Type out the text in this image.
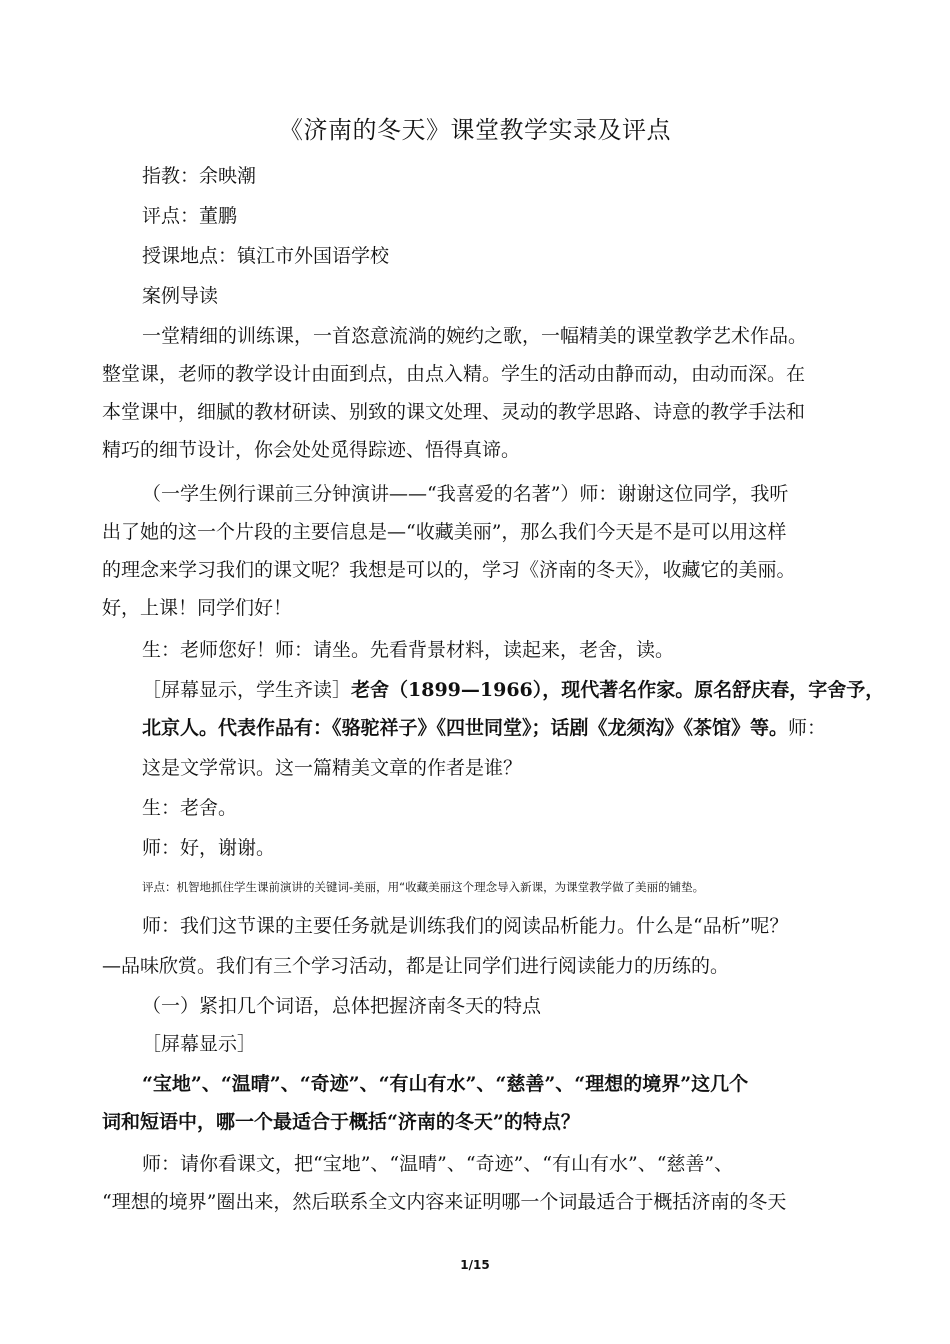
《济南的冬天》课堂教学实录及评点
指教：余映潮
评点：董鹏
授课地点：镇江市外国语学校
案例导读
一堂精细的训练课，一首恣意流淌的婉约之歌，一幅精美的课堂教学艺术作品。
整堂课，老师的教学设计由面到点，由点入精。学生的活动由静而动，由动而深。在
本堂课中，细腻的教材研读、别致的课文处理、灵动的教学思路、诗意的教学手法和
精巧的细节设计，你会处处觅得踪迹、悟得真谛。
（一学生例行课前三分钟演讲——“我喜爱的名著”）师：谢谢这位同学，我听
出了她的这一个片段的主要信息是—“收藏美丽”，那么我们今天是不是可以用这样
的理念来学习我们的课文呢？我想是可以的，学习《济南的冬天》，收藏它的美丽。
好，上课！同学们好！
生：老师您好！师：请坐。先看背景材料，读起来，老舍，读。
［屏幕显示，学生齐读］老舍（1899—1966），现代著名作家。原名舒庆春，字舍予，
北京人。代表作品有：《骆驼祥子》《四世同堂》；话剧《龙须沟》《茶馆》等。师：
这是文学常识。这一篇精美文章的作者是谁？
生：老舍。
师：好，谢谢。
评点：机智地抓住学生课前演讲的关键词-美丽，用“收藏美丽这个理念导入新课，为课堂教学做了美丽的铺垫。
师：我们这节课的主要任务就是训练我们的阅读品析能力。什么是“品析”呢？
—品味欣赏。我们有三个学习活动，都是让同学们进行阅读能力的历练的。
（一）紧扣几个词语，总体把握济南冬天的特点
［屏幕显示］
“宝地”、“温晴”、“奇迹”、“有山有水”、“慈善”、“理想的境界”这几个
词和短语中，哪一个最适合于概括“济南的冬天”的特点？
师：请你看课文，把“宝地”、“温晴”、“奇迹”、“有山有水”、“慈善”、
“理想的境界”圈出来，然后联系全文内容来证明哪一个词最适合于概括济南的冬天
1/15
